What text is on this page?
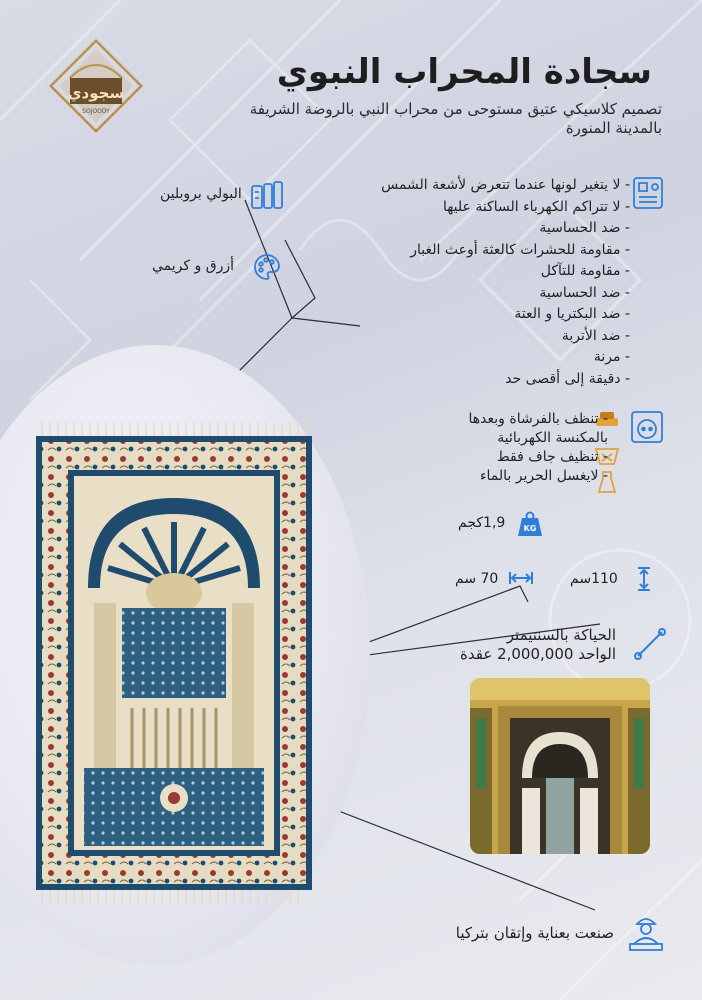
سجودي
SOJOODY
سجادة المحراب النبوي
تصميم كلاسيكي عتيق مستوحى من محراب النبي بالروضة الشريفة بالمدينة المنورة
البولي بروبلين
أزرق و كريمي
- لا يتغير لونها عندما تتعرض لأشعة الشمس
- لا تتراكم الكهرباء الساكنة عليها
- ضد الحساسية
- مقاومة للحشرات كالعثة أوعث الغبار
- مقاومة للتآكل
- ضد الحساسية
- ضد البكتريا و العتة
- ضد الأتربة
- مرنة
- دقيقة إلى أقصى حد
- تنظف بالفرشاة وبعدها
بالمكنسة الكهربائية
- تنظيف جاف فقط
- لايغسل الحرير بالماء
KG
1,9كجم
70 سم	110سم
الحياكة بالسنتيمتر
الواحد 2,000,000 عقدة
صنعت بعناية وإتقان بتركيا
